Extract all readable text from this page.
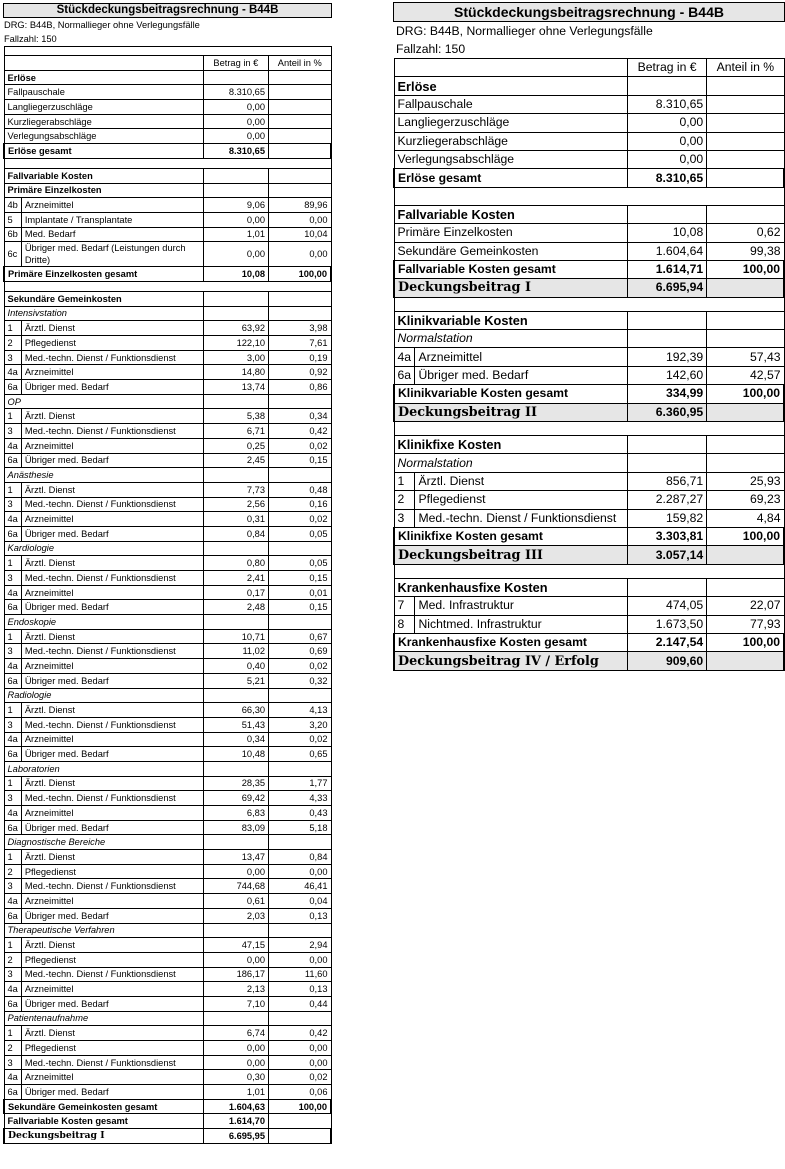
Stückdeckungsbeitragsrechnung - B44B
DRG: B44B, Normallieger ohne Verlegungsfälle
Fallzahl: 150

		Betrag in €	Anteil in %
Erlöse			
Fallpauschale		8.310,65	
Langliegerzuschläge		0,00	
Kurzliegerabschläge		0,00	
Verlegungsabschläge		0,00	
Erlöse gesamt		8.310,65	

Fallvariable Kosten			
Primäre Einzelkosten			
4b	Arzneimittel	9,06	89,96
5	Implantate / Transplantate	0,00	0,00
6b	Med. Bedarf	1,01	10,04
6c	Übriger med. Bedarf (Leistungen durch Dritte)	0,00	0,00
Primäre Einzelkosten gesamt		10,08	100,00

Sekundäre Gemeinkosten			
Intensivstation			
1	Ärztl. Dienst	63,92	3,98
2	Pflegedienst	122,10	7,61
3	Med.-techn. Dienst / Funktionsdienst	3,00	0,19
4a	Arzneimittel	14,80	0,92
6a	Übriger med. Bedarf	13,74	0,86
OP			
1	Ärztl. Dienst	5,38	0,34
3	Med.-techn. Dienst / Funktionsdienst	6,71	0,42
4a	Arzneimittel	0,25	0,02
6a	Übriger med. Bedarf	2,45	0,15
Anästhesie			
1	Ärztl. Dienst	7,73	0,48
3	Med.-techn. Dienst / Funktionsdienst	2,56	0,16
4a	Arzneimittel	0,31	0,02
6a	Übriger med. Bedarf	0,84	0,05
Kardiologie			
1	Ärztl. Dienst	0,80	0,05
3	Med.-techn. Dienst / Funktionsdienst	2,41	0,15
4a	Arzneimittel	0,17	0,01
6a	Übriger med. Bedarf	2,48	0,15
Endoskopie			
1	Ärztl. Dienst	10,71	0,67
3	Med.-techn. Dienst / Funktionsdienst	11,02	0,69
4a	Arzneimittel	0,40	0,02
6a	Übriger med. Bedarf	5,21	0,32
Radiologie			
1	Ärztl. Dienst	66,30	4,13
3	Med.-techn. Dienst / Funktionsdienst	51,43	3,20
4a	Arzneimittel	0,34	0,02
6a	Übriger med. Bedarf	10,48	0,65
Laboratorien			
1	Ärztl. Dienst	28,35	1,77
3	Med.-techn. Dienst / Funktionsdienst	69,42	4,33
4a	Arzneimittel	6,83	0,43
6a	Übriger med. Bedarf	83,09	5,18
Diagnostische Bereiche			
1	Ärztl. Dienst	13,47	0,84
2	Pflegedienst	0,00	0,00
3	Med.-techn. Dienst / Funktionsdienst	744,68	46,41
4a	Arzneimittel	0,61	0,04
6a	Übriger med. Bedarf	2,03	0,13
Therapeutische Verfahren			
1	Ärztl. Dienst	47,15	2,94
2	Pflegedienst	0,00	0,00
3	Med.-techn. Dienst / Funktionsdienst	186,17	11,60
4a	Arzneimittel	2,13	0,13
6a	Übriger med. Bedarf	7,10	0,44
Patientenaufnahme			
1	Ärztl. Dienst	6,74	0,42
2	Pflegedienst	0,00	0,00
3	Med.-techn. Dienst / Funktionsdienst	0,00	0,00
4a	Arzneimittel	0,30	0,02
6a	Übriger med. Bedarf	1,01	0,06
Sekundäre Gemeinkosten gesamt		1.604,63	100,00
Fallvariable Kosten gesamt		1.614,70	
Deckungsbeitrag I		6.695,95	
Stückdeckungsbeitragsrechnung - B44B
DRG: B44B, Normallieger ohne Verlegungsfälle
Fallzahl: 150
		Betrag in €	Anteil in %
Erlöse			
Fallpauschale		8.310,65	
Langliegerzuschläge		0,00	
Kurzliegerabschläge		0,00	
Verlegungsabschläge		0,00	
Erlöse gesamt		8.310,65	

Fallvariable Kosten			
Primäre Einzelkosten		10,08	0,62
Sekundäre Gemeinkosten		1.604,64	99,38
Fallvariable Kosten gesamt		1.614,71	100,00
Deckungsbeitrag I		6.695,94	

Klinikvariable Kosten			
Normalstation			
4a	Arzneimittel	192,39	57,43
6a	Übriger med. Bedarf	142,60	42,57
Klinikvariable Kosten gesamt		334,99	100,00
Deckungsbeitrag II		6.360,95	

Klinikfixe Kosten			
Normalstation			
1	Ärztl. Dienst	856,71	25,93
2	Pflegedienst	2.287,27	69,23
3	Med.-techn. Dienst / Funktionsdienst	159,82	4,84
Klinikfixe Kosten gesamt		3.303,81	100,00
Deckungsbeitrag III		3.057,14	

Krankenhausfixe Kosten			
7	Med. Infrastruktur	474,05	22,07
8	Nichtmed. Infrastruktur	1.673,50	77,93
Krankenhausfixe Kosten gesamt		2.147,54	100,00
Deckungsbeitrag IV / Erfolg		909,60	
